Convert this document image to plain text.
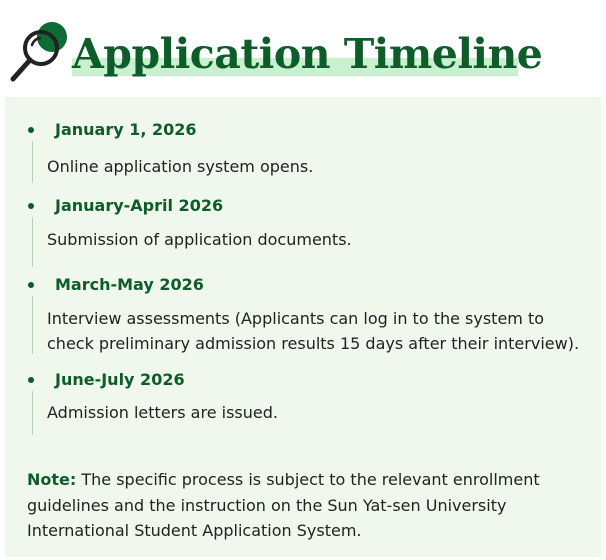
Application Timeline
January 1, 2026
Online application system opens.
January-April 2026
Submission of application documents.
March-May 2026
Interview assessments (Applicants can log in to the system to check preliminary admission results 15 days after their interview).
June-July 2026
Admission letters are issued.

Note: The specific process is subject to the relevant enrollment guidelines and the instruction on the Sun Yat-sen University International Student Application System.
